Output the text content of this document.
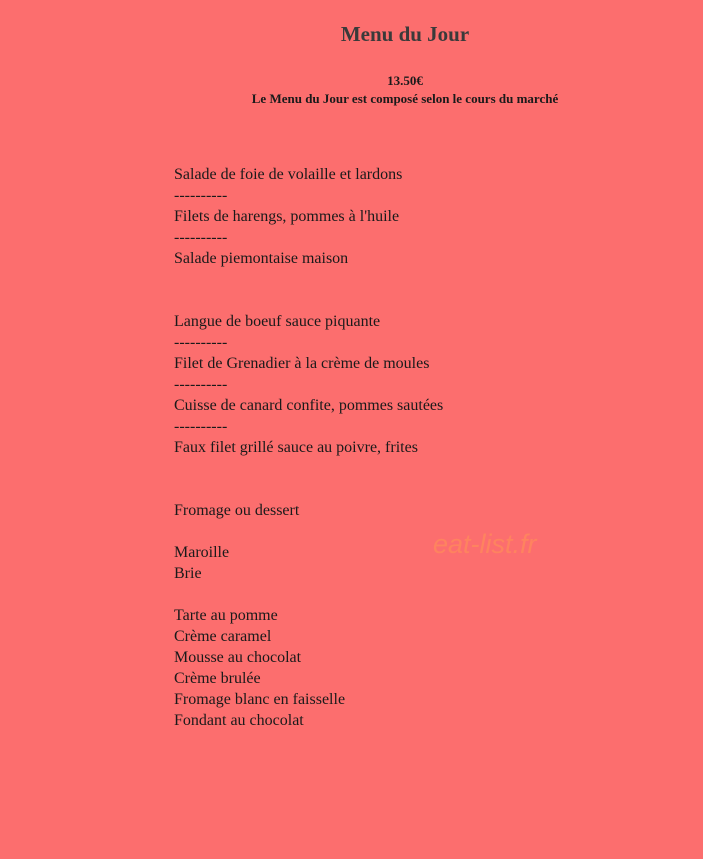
Menu du Jour
13.50€
Le Menu du Jour est composé selon le cours du marché
Salade de foie de volaille et lardons
----------
Filets de harengs, pommes à l'huile
----------
Salade piemontaise maison
Langue de boeuf sauce piquante
----------
Filet de Grenadier à la crème de moules
----------
Cuisse de canard confite, pommes sautées
----------
Faux filet grillé sauce au poivre, frites
Fromage ou dessert
Maroille
Brie
Tarte au pomme
Crème caramel
Mousse au chocolat
Crème brulée
Fromage blanc en faisselle
Fondant au chocolat
eat-list.fr
